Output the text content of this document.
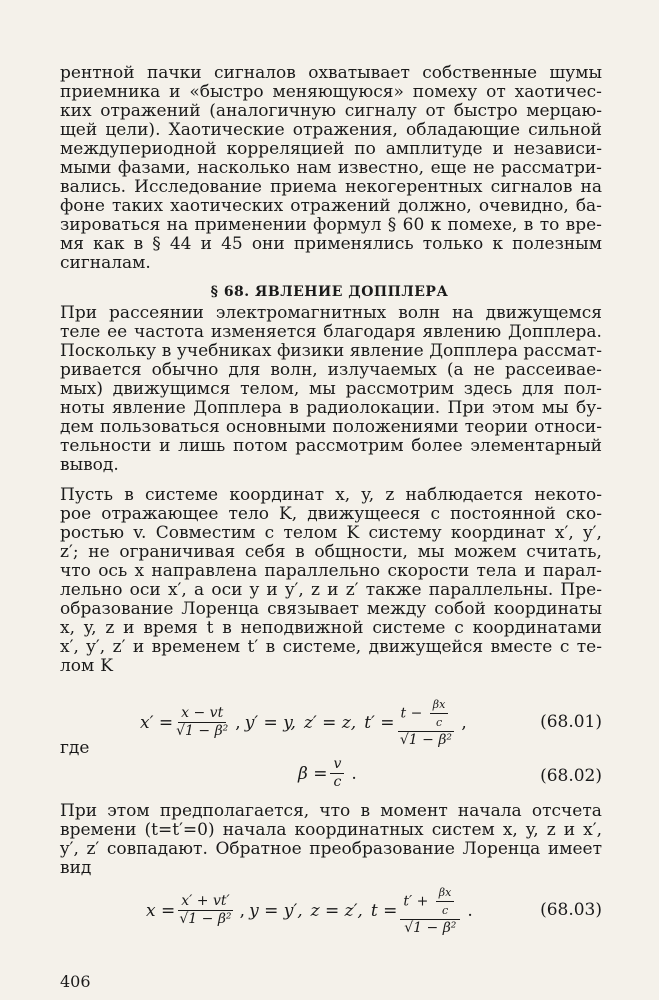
рентной пачки сигналов охватывает собственные шумы
приемника и «быстро меняющуюся» помеху от хаотичес-
ких отражений (аналогичную сигналу от быстро мерцаю-
щей цели). Хаотические отражения, обладающие сильной
междупериодной корреляцией по амплитуде и независи-
мыми фазами, насколько нам известно, еще не рассматри-
вались. Исследование приема некогерентных сигналов на
фоне таких хаотических отражений должно, очевидно, ба-
зироваться на применении формул § 60 к помехе, в то вре-
мя как в § 44 и 45 они применялись только к полезным
сигналам.
§ 68. ЯВЛЕНИЕ ДОППЛЕРА
При рассеянии электромагнитных волн на движущемся
теле ее частота изменяется благодаря явлению Допплера.
Поскольку в учебниках физики явление Допплера рассмат-
ривается обычно для волн, излучаемых (а не рассеивае-
мых) движущимся телом, мы рассмотрим здесь для пол-
ноты явление Допплера в радиолокации. При этом мы бу-
дем пользоваться основными положениями теории относи-
тельности и лишь потом рассмотрим более элементарный
вывод.
Пусть в системе координат x, y, z наблюдается некото-
рое отражающее тело K, движущееся с постоянной ско-
ростью v. Совместим с телом K систему координат x′, y′,
z′; не ограничивая себя в общности, мы можем считать,
что ось x направлена параллельно скорости тела и парал-
лельно оси x′, а оси y и y′, z и z′ также параллельны. Пре-
образование Лоренца связывает между собой координаты
x, y, z и время t в неподвижной системе с координатами
x′, y′, z′ и временем t′ в системе, движущейся вместе с те-
лом K
$x' = \frac{x - vt}{\text{√1 − β²}}$ , y′ = y, z′ = z, $t' = \frac{t - \frac{\beta x}{c}}{\text{√1 − β²}}$ ,	(68.01)
где
$\beta = \frac{v}{c}$ .	(68.02)
При этом предполагается, что в момент начала отсчета
времени (t=t′=0) начала координатных систем x, y, z и x′,
y′, z′ совпадают. Обратное преобразование Лоренца имеет
вид
$x = \frac{x' + vt'}{\text{√1 − β²}}$ , y = y′, z = z′, $t = \frac{t' + \frac{\beta x}{c}}{\text{√1 − β²}}$ .	(68.03)
406
